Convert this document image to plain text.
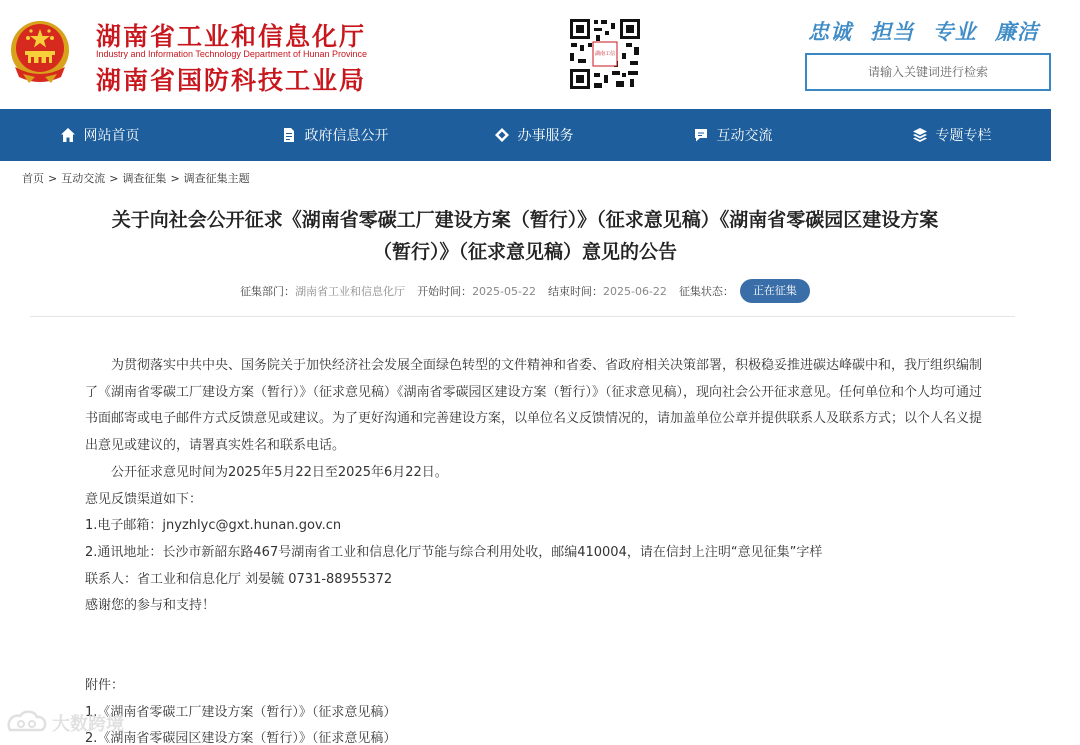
湖南省工业和信息化厅
Industry and Information Technology Department of Hunan Province
湖南省国防科技工业局
湖南工信
忠诚 担当 专业 廉洁
请输入关键词进行检索
网站首页	政府信息公开	办事服务	互动交流	专题专栏
首页 > 互动交流 > 调查征集 > 调查征集主题
关于向社会公开征求《湖南省零碳工厂建设方案（暂行）》（征求意见稿）《湖南省零碳园区建设方案
（暂行）》（征求意见稿）意见的公告
征集部门： 湖南省工业和信息化厅 开始时间： 2025-05-22 结束时间： 2025-06-22 征集状态：	正在征集

为贯彻落实中共中央、国务院关于加快经济社会发展全面绿色转型的文件精神和省委、省政府相关决策部署，积极稳妥推进碳达峰碳中和，我厅组织编制了《湖南省零碳工厂建设方案（暂行）》（征求意见稿）《湖南省零碳园区建设方案（暂行）》（征求意见稿），现向社会公开征求意见。任何单位和个人均可通过书面邮寄或电子邮件方式反馈意见或建议。为了更好沟通和完善建设方案，以单位名义反馈情况的，请加盖单位公章并提供联系人及联系方式；以个人名义提出意见或建议的，请署真实姓名和联系电话。

公开征求意见时间为2025年5月22日至2025年6月22日。

意见反馈渠道如下：

1.电子邮箱：jnyzhlyc@gxt.hunan.gov.cn

2.通讯地址：长沙市新韶东路467号湖南省工业和信息化厅节能与综合利用处收，邮编410004，请在信封上注明“意见征集”字样

联系人：省工业和信息化厅 刘晏毓 0731-88955372

感谢您的参与和支持！

附件：

1.《湖南省零碳工厂建设方案（暂行）》（征求意见稿）

2.《湖南省零碳园区建设方案（暂行）》（征求意见稿）

大数跨境
